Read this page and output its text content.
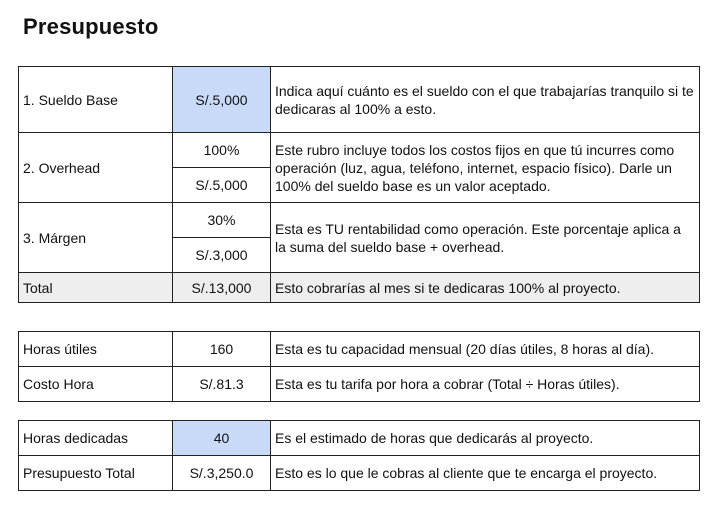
Presupuesto
1. Sueldo Base	S/.5,000	Indica aquí cuánto es el sueldo con el que trabajarías tranquilo si te dedicaras al 100% a esto.
2. Overhead	100%	Este rubro incluye todos los costos fijos en que tú incurres como operación (luz, agua, teléfono, internet, espacio físico). Darle un 100% del sueldo base es un valor aceptado.
	S/.5,000	
3. Márgen	30%	Esta es TU rentabilidad como operación. Este porcentaje aplica a la suma del sueldo base + overhead.
	S/.3,000	
Total	S/.13,000	Esto cobrarías al mes si te dedicaras 100% al proyecto.
Horas útiles	160	Esta es tu capacidad mensual (20 días útiles, 8 horas al día).
Costo Hora	S/.81.3	Esta es tu tarifa por hora a cobrar (Total ÷ Horas útiles).
Horas dedicadas	40	Es el estimado de horas que dedicarás al proyecto.
Presupuesto Total	S/.3,250.0	Esto es lo que le cobras al cliente que te encarga el proyecto.
